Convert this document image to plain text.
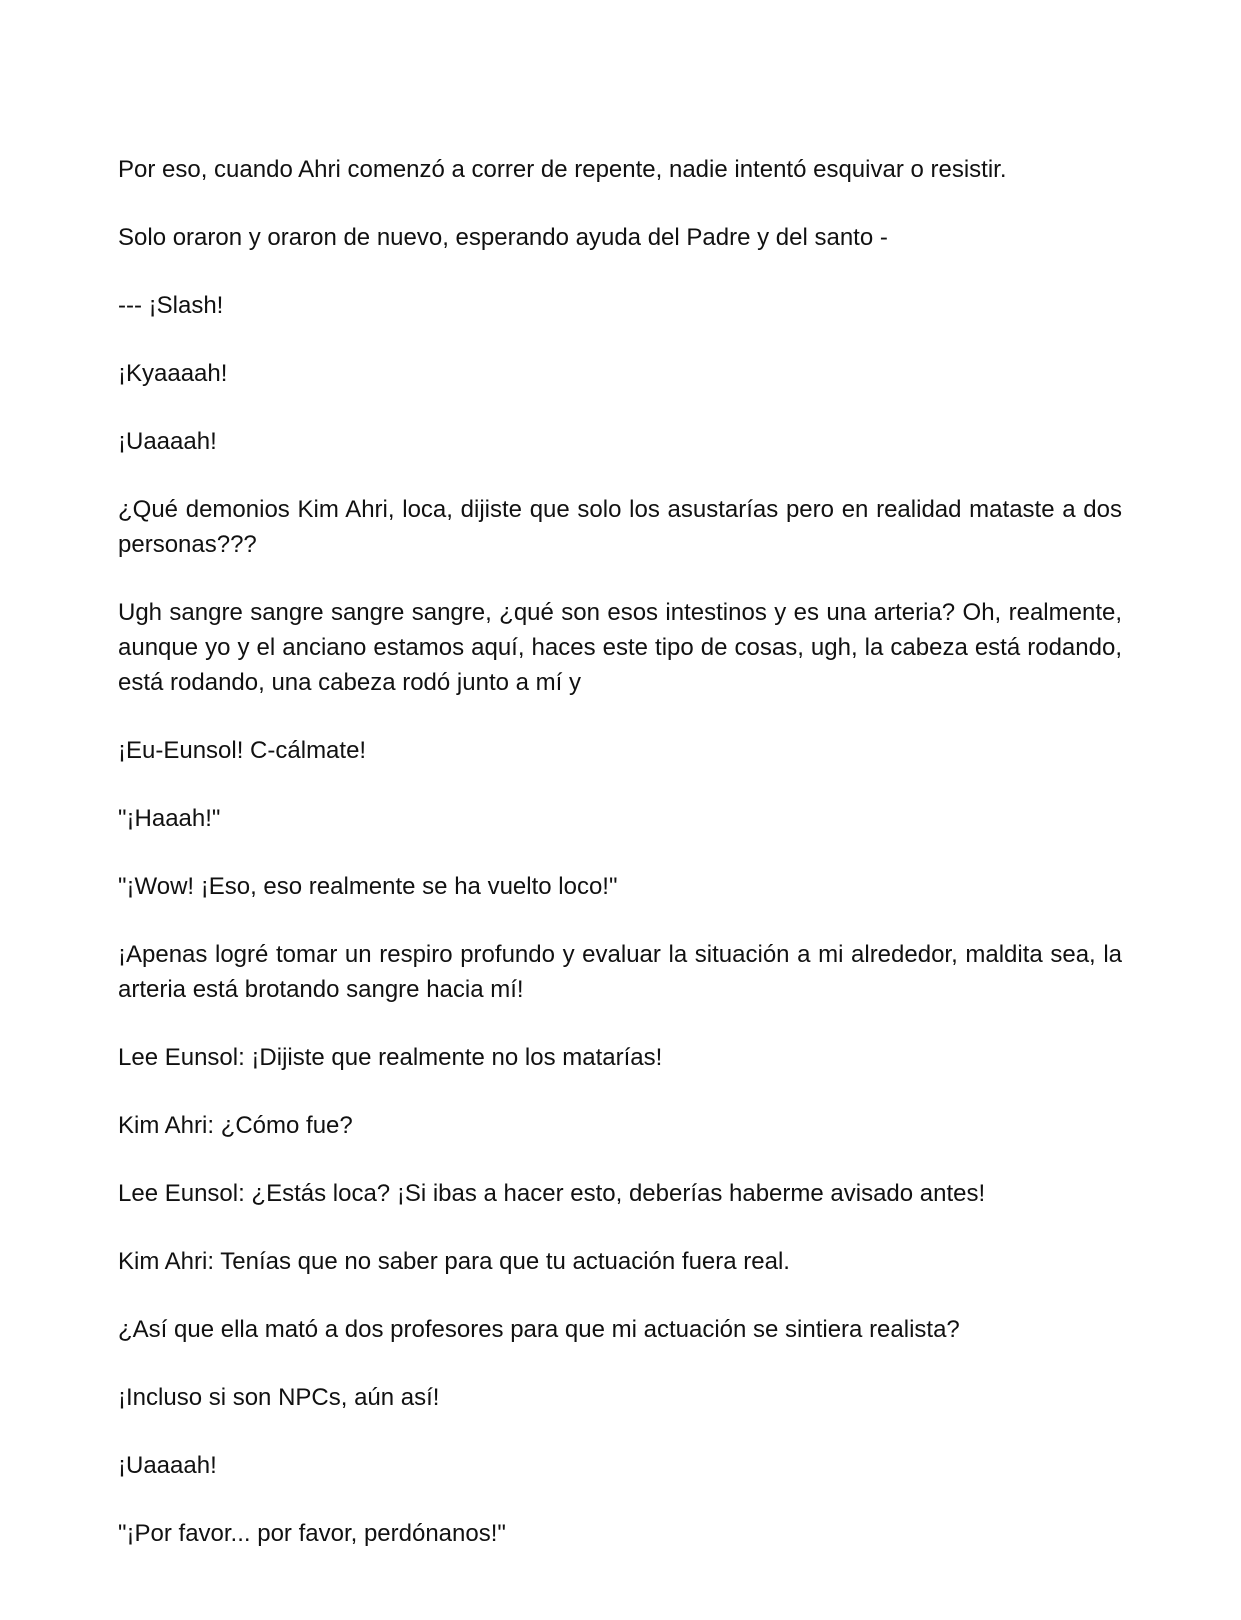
Por eso, cuando Ahri comenzó a correr de repente, nadie intentó esquivar o resistir.

Solo oraron y oraron de nuevo, esperando ayuda del Padre y del santo -

--- ¡Slash!

¡Kyaaaah!

¡Uaaaah!

¿Qué demonios Kim Ahri, loca, dijiste que solo los asustarías pero en realidad mataste a dos personas???

Ugh sangre sangre sangre sangre, ¿qué son esos intestinos y es una arteria? Oh, realmente, aunque yo y el anciano estamos aquí, haces este tipo de cosas, ugh, la cabeza está rodando, está rodando, una cabeza rodó junto a mí y

¡Eu-Eunsol! C-cálmate!

"¡Haaah!"

"¡Wow! ¡Eso, eso realmente se ha vuelto loco!"

¡Apenas logré tomar un respiro profundo y evaluar la situación a mi alrededor, maldita sea, la arteria está brotando sangre hacia mí!

Lee Eunsol: ¡Dijiste que realmente no los matarías!

Kim Ahri: ¿Cómo fue?

Lee Eunsol: ¿Estás loca? ¡Si ibas a hacer esto, deberías haberme avisado antes!

Kim Ahri: Tenías que no saber para que tu actuación fuera real.

¿Así que ella mató a dos profesores para que mi actuación se sintiera realista?

¡Incluso si son NPCs, aún así!

¡Uaaaah!

"¡Por favor... por favor, perdónanos!"
